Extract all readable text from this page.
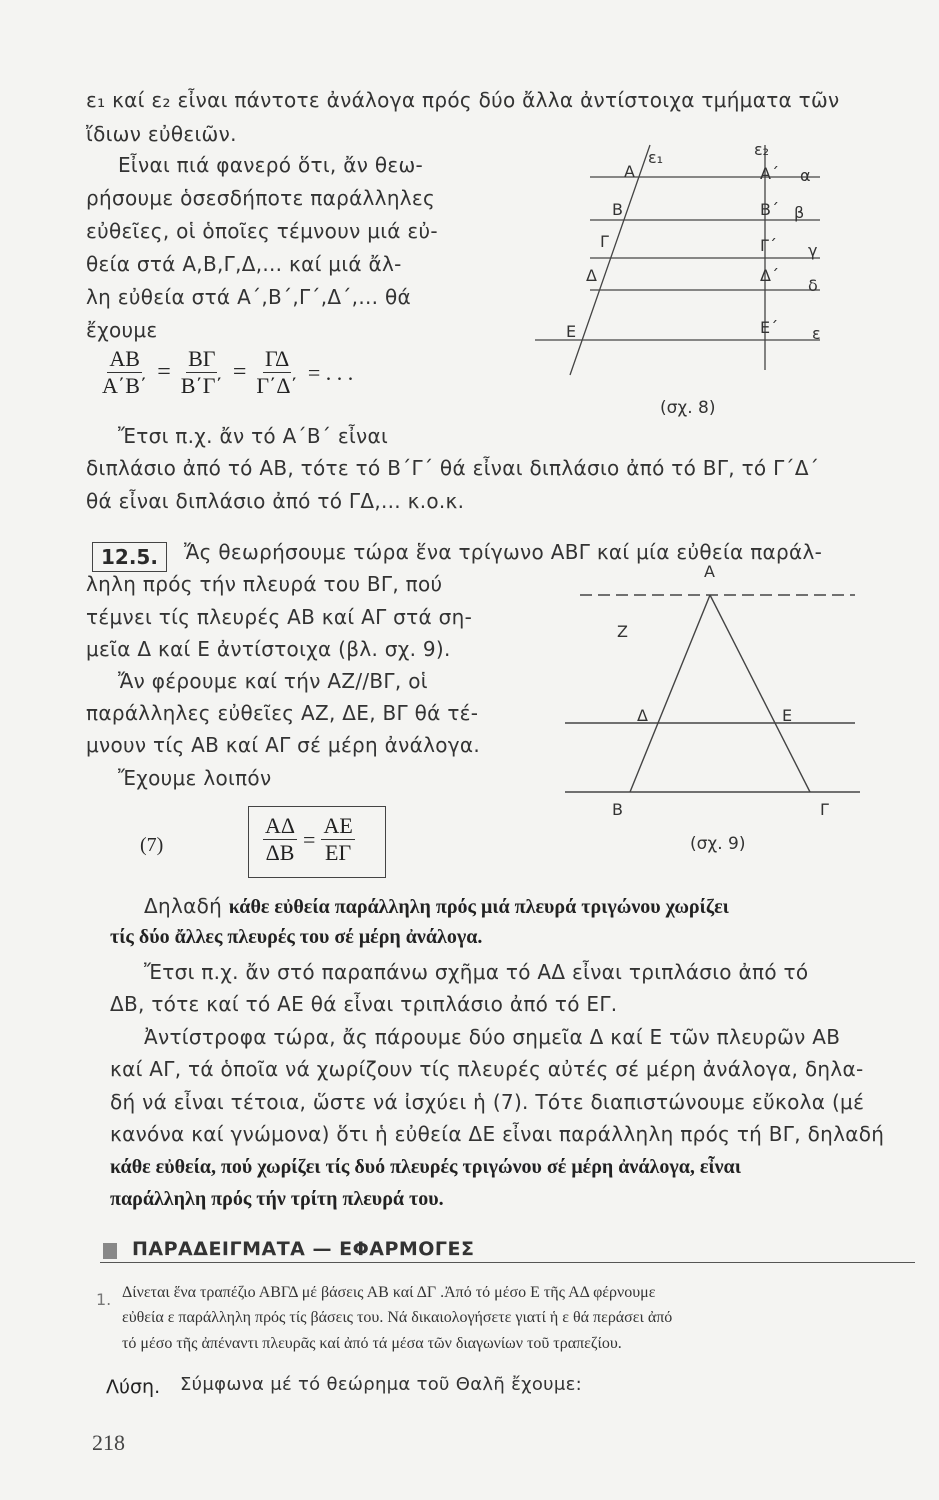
ε₁ καί ε₂ εἶναι πάντοτε ἀνάλογα πρός δύο ἄλλα ἀντίστοιχα τμήματα τῶν
ἴδιων εὐθειῶν.
Εἶναι πιά φανερό ὅτι, ἄν θεω-
ρήσουμε ὁσεσδήποτε παράλληλες
εὐθεῖες, οἱ ὁποῖες τέμνουν μιά εὐ-
θεία στά Α,Β,Γ,Δ,... καί μιά ἄλ-
λη εὐθεία στά Α΄,Β΄,Γ΄,Δ΄,... θά
ἔχουμε
$\frac{AB}{A΄B΄} = \frac{B\Gamma}{B΄\Gamma΄} = \frac{\Gamma\Delta}{\Gamma΄\Delta΄}$ = . . .
Α
Β
Γ
Δ
Ε
ε₁	ε₂
Α΄
Β΄
Γ΄
Δ΄
Ε΄
α
β
γ
δ
ε
(σχ. 8)
Ἔτσι π.χ. ἄν τό Α΄Β΄ εἶναι
διπλάσιο ἀπό τό ΑΒ, τότε τό Β΄Γ΄ θά εἶναι διπλάσιο ἀπό τό ΒΓ, τό Γ΄Δ΄
θά εἶναι διπλάσιο ἀπό τό ΓΔ,... κ.ο.κ.
12.5.	Ἄς θεωρήσουμε τώρα ἕνα τρίγωνο ΑΒΓ καί μία εὐθεία παράλ-
ληλη πρός τήν πλευρά του ΒΓ, πού
τέμνει τίς πλευρές ΑΒ καί ΑΓ στά ση-
μεῖα Δ καί Ε ἀντίστοιχα (βλ. σχ. 9).
Ἄν φέρουμε καί τήν ΑΖ//ΒΓ, οἱ
παράλληλες εὐθεῖες ΑΖ, ΔΕ, ΒΓ θά τέ-
μνουν τίς ΑΒ καί ΑΓ σέ μέρη ἀνάλογα.
Ἔχουμε λοιπόν
(7)	$\frac{A\Delta}{\Delta B} = \frac{AE}{E\Gamma}$
Α
Ζ
Δ	Ε
Β	Γ
(σχ. 9)
Δηλαδή κάθε εὐθεία παράλληλη πρός μιά πλευρά τριγώνου χωρίζει
τίς δύο ἄλλες πλευρές του σέ μέρη ἀνάλογα.
Ἔτσι π.χ. ἄν στό παραπάνω σχῆμα τό ΑΔ εἶναι τριπλάσιο ἀπό τό
ΔΒ, τότε καί τό ΑΕ θά εἶναι τριπλάσιο ἀπό τό ΕΓ.
Ἀντίστροφα τώρα, ἄς πάρουμε δύο σημεῖα Δ καί Ε τῶν πλευρῶν ΑΒ
καί ΑΓ, τά ὁποῖα νά χωρίζουν τίς πλευρές αὐτές σέ μέρη ἀνάλογα, δηλα-
δή νά εἶναι τέτοια, ὥστε νά ἰσχύει ἡ (7). Τότε διαπιστώνουμε εὔκολα (μέ
κανόνα καί γνώμονα) ὅτι ἡ εὐθεία ΔΕ εἶναι παράλληλη πρός τή ΒΓ, δηλαδή
κάθε εὐθεία, πού χωρίζει τίς δυό πλευρές τριγώνου σέ μέρη ἀνάλογα, εἶναι
παράλληλη πρός τήν τρίτη πλευρά του.
ΠΑΡΑΔΕΙΓΜΑΤΑ — ΕΦΑΡΜΟΓΕΣ
1. Δίνεται ἕνα τραπέζιο ΑΒΓΔ μέ βάσεις ΑΒ καί ΔΓ .Ἀπό τό μέσο Ε τῆς ΑΔ φέρνουμε
εὐθεία ε παράλληλη πρός τίς βάσεις του. Νά δικαιολογήσετε γιατί ἡ ε θά περάσει ἀπό
τό μέσο τῆς ἀπέναντι πλευρᾶς καί ἀπό τά μέσα τῶν διαγωνίων τοῦ τραπεζίου.
Λύση. Σύμφωνα μέ τό θεώρημα τοῦ Θαλῆ ἔχουμε:
218
